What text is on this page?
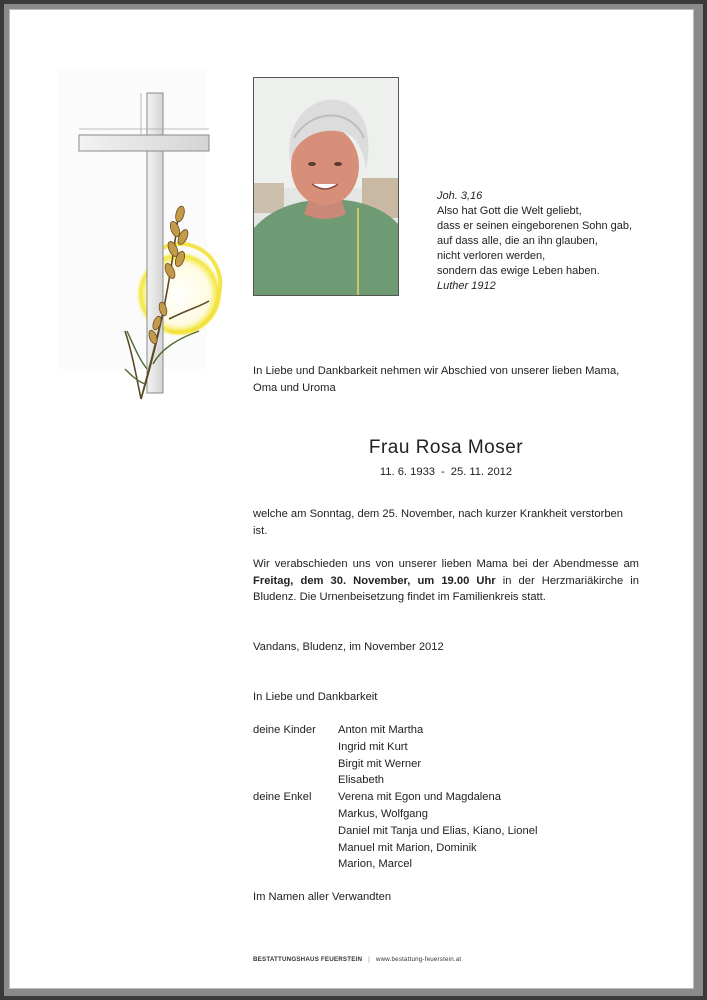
Joh. 3,16
Also hat Gott die Welt geliebt,
dass er seinen eingeborenen Sohn gab,
auf dass alle, die an ihn glauben,
nicht verloren werden,
sondern das ewige Leben haben.
Luther 1912
In Liebe und Dankbarkeit nehmen wir Abschied von unserer lieben Mama, Oma und Uroma
Frau Rosa Moser
11. 6. 1933 - 25. 11. 2012
welche am Sonntag, dem 25. November, nach kurzer Krankheit verstorben ist.
Wir verabschieden uns von unserer lieben Mama bei der Abendmesse am Freitag, dem 30. November, um 19.00 Uhr in der Herzmariäkirche in Bludenz. Die Urnenbeisetzung findet im Familienkreis statt.
Vandans, Bludenz, im November 2012
In Liebe und Dankbarkeit
deine Kinder	Anton mit Martha
Ingrid mit Kurt
Birgit mit Werner
Elisabeth
deine Enkel	Verena mit Egon und Magdalena
Markus, Wolfgang
Daniel mit Tanja und Elias, Kiano, Lionel
Manuel mit Marion, Dominik
Marion, Marcel
Im Namen aller Verwandten
BESTATTUNGSHAUS FEUERSTEIN | www.bestattung-feuerstein.at
